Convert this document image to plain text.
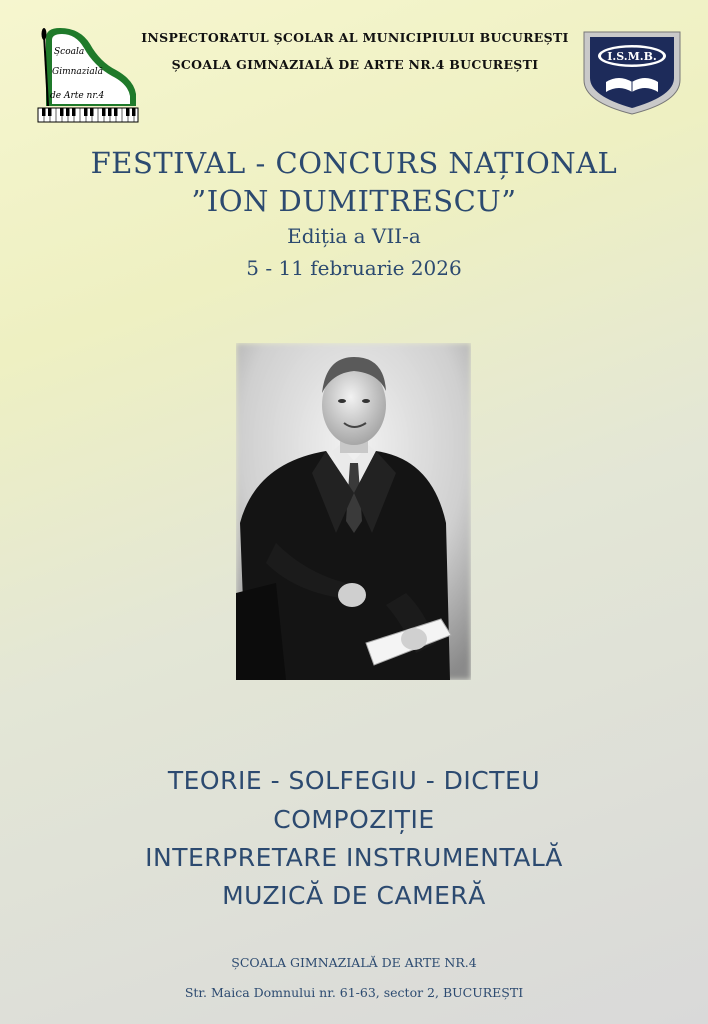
Școala
Gimnazială
de Arte nr.4
INSPECTORATUL ȘCOLAR AL MUNICIPIULUI BUCUREȘTI
ȘCOALA GIMNAZIALĂ DE ARTE NR.4 BUCUREȘTI
I.S.M.B.
FESTIVAL - CONCURS NAȚIONAL
”ION DUMITRESCU”
Ediția a VII-a
5 - 11 februarie 2026
TEORIE - SOLFEGIU - DICTEU
COMPOZIȚIE
INTERPRETARE INSTRUMENTALĂ
MUZICĂ DE CAMERĂ
ȘCOALA GIMNAZIALĂ DE ARTE NR.4
Str. Maica Domnului nr. 61-63, sector 2, BUCUREȘTI
